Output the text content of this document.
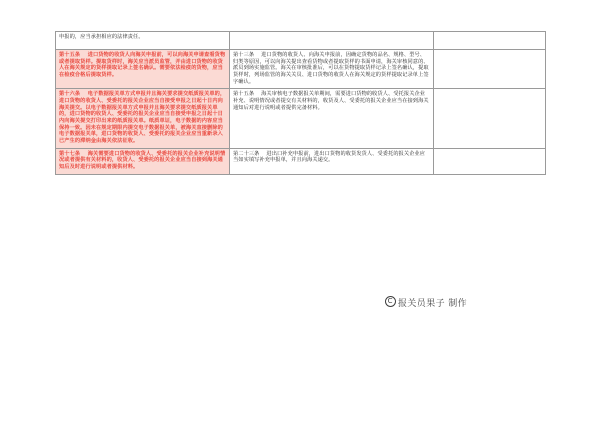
申报的，应当承担相应的法律责任。		

第十五条    进口货物的收货人向海关申报前，可以向海关申请查看货物或者提取货样。提取货样时，海关应当派员监管，并由进口货物的收货人在海关规定的货样提取记录上签名确认。需要依法检疫的货物，应当在检疫合格后提取货样。	第十三条    进口货物的收货人、向海关申报前，因确定货物的品名、规格、型号、归类等原因，可以向海关提出查看货物或者提取货样的书面申请，海关审核同意的、派员到场实施监管。海关在审核批准后，可以在货物提取货样记录上签名确认，提取货样时，列场监管的海关关员、进口货物的收货人在海关规定的货样提取记录单上签字确认。	

第十六条    电子数据报关单方式申报并且海关要求提交纸质报关单的，进口货物的收货人、受委托的报关企业应当自接受申报之日起十日内向海关提交。以电子数据报关单方式申报并且海关要求提交纸质报关单的，进口货物的收货人、受委托的报关企业应当自接受申报之日起十日内向海关提交打印出来的纸质报关单。纸质单证，电子数据的内容应当保持一致。因未在规定期限内提交电子数据报关单，被海关直接删除的电子数据报关单，进口货物的收货人、受委托的报关企业应当重新录入已产生的滞纳金由海关依法征收。	第十五条    海关审核电子数据报关单期间，需要进口货物的收货人、受托报关企业补充、说明情况或者提交有关材料的，收货及人、受委托的报关企业应当在接到海关通知后对进行说明或者提供完备材料。	

第十七条    海关需要进口货物的收货人、受委托的报关企业补充说明情况或者提供有关材料的，收货人、受委托的报关企业应当自接到海关通知后及时进行说明或者提供材料。	第二十三条    进出口补充申报前，进出口货物的收货发货人、受委托的报关企业应当如实填写补充申报单，并且向海关递交。	

C报关员果子 制作
